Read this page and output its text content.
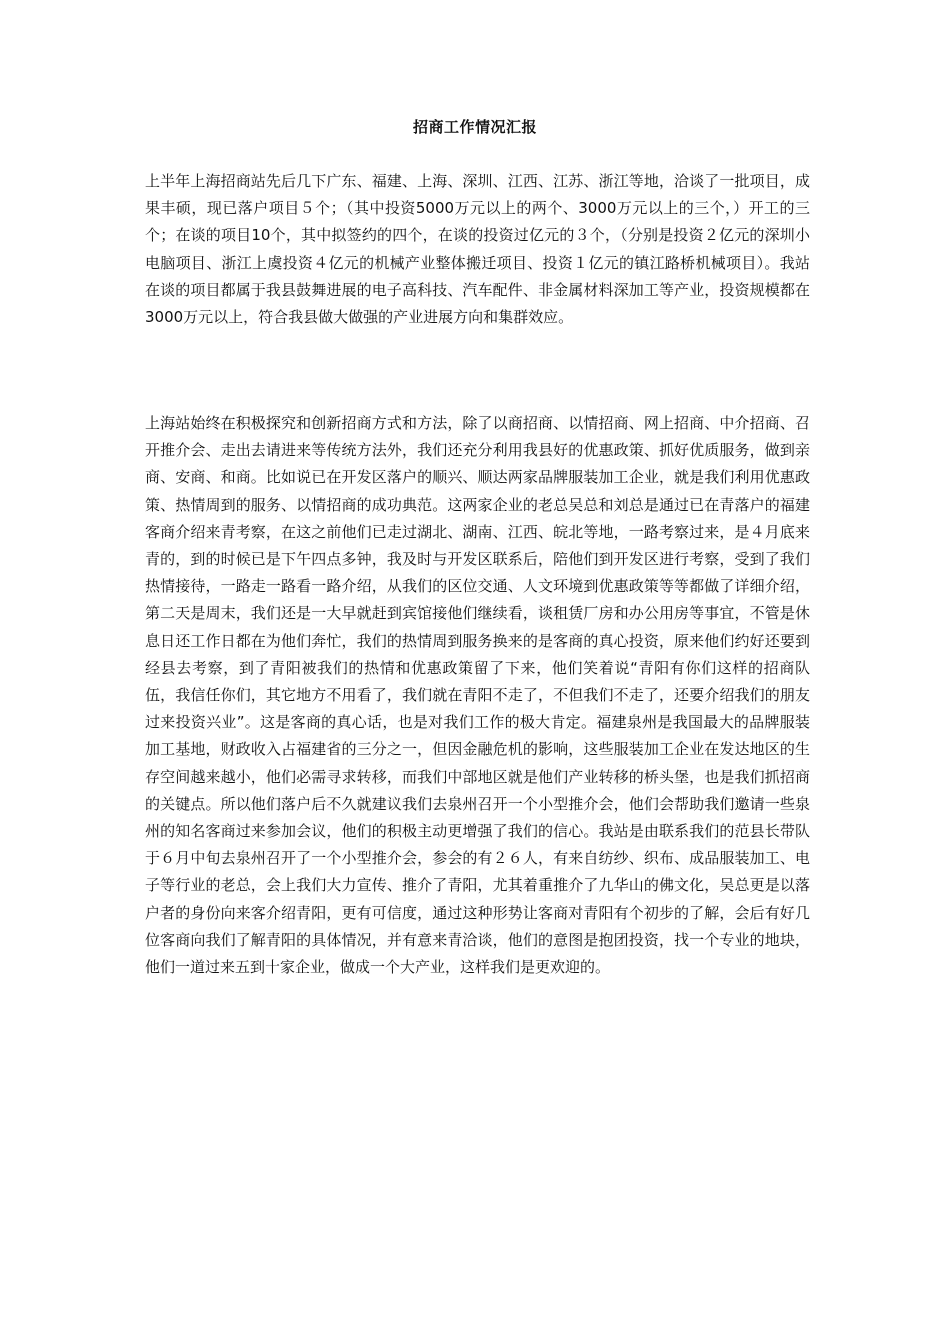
招商工作情况汇报

上半年上海招商站先后几下广东、福建、上海、深圳、江西、江苏、浙江等地，洽谈了一批项目，成果丰硕，现已落户项目５个；（其中投资5000万元以上的两个、3000万元以上的三个，）开工的三个；在谈的项目10个，其中拟签约的四个，在谈的投资过亿元的３个，（分别是投资２亿元的深圳小电脑项目、浙江上虞投资４亿元的机械产业整体搬迁项目、投资１亿元的镇江路桥机械项目）。我站在谈的项目都属于我县鼓舞进展的电子高科技、汽车配件、非金属材料深加工等产业，投资规模都在3000万元以上，符合我县做大做强的产业进展方向和集群效应。

上海站始终在积极探究和创新招商方式和方法，除了以商招商、以情招商、网上招商、中介招商、召开推介会、走出去请进来等传统方法外，我们还充分利用我县好的优惠政策、抓好优质服务，做到亲商、安商、和商。比如说已在开发区落户的顺兴、顺达两家品牌服装加工企业，就是我们利用优惠政策、热情周到的服务、以情招商的成功典范。这两家企业的老总吴总和刘总是通过已在青落户的福建客商介绍来青考察，在这之前他们已走过湖北、湖南、江西、皖北等地，一路考察过来，是４月底来青的，到的时候已是下午四点多钟，我及时与开发区联系后，陪他们到开发区进行考察，受到了我们热情接待，一路走一路看一路介绍，从我们的区位交通、人文环境到优惠政策等等都做了详细介绍，第二天是周末，我们还是一大早就赶到宾馆接他们继续看，谈租赁厂房和办公用房等事宜，不管是休息日还工作日都在为他们奔忙，我们的热情周到服务换来的是客商的真心投资，原来他们约好还要到经县去考察，到了青阳被我们的热情和优惠政策留了下来，他们笑着说“青阳有你们这样的招商队伍，我信任你们，其它地方不用看了，我们就在青阳不走了，不但我们不走了，还要介绍我们的朋友过来投资兴业”。这是客商的真心话，也是对我们工作的极大肯定。福建泉州是我国最大的品牌服装加工基地，财政收入占福建省的三分之一，但因金融危机的影响，这些服装加工企业在发达地区的生存空间越来越小，他们必需寻求转移，而我们中部地区就是他们产业转移的桥头堡，也是我们抓招商的关键点。所以他们落户后不久就建议我们去泉州召开一个小型推介会，他们会帮助我们邀请一些泉州的知名客商过来参加会议，他们的积极主动更增强了我们的信心。我站是由联系我们的范县长带队于６月中旬去泉州召开了一个小型推介会，参会的有２６人，有来自纺纱、织布、成品服装加工、电子等行业的老总，会上我们大力宣传、推介了青阳，尤其着重推介了九华山的佛文化，吴总更是以落户者的身份向来客介绍青阳，更有可信度，通过这种形势让客商对青阳有个初步的了解，会后有好几位客商向我们了解青阳的具体情况，并有意来青洽谈，他们的意图是抱团投资，找一个专业的地块，他们一道过来五到十家企业，做成一个大产业，这样我们是更欢迎的。
